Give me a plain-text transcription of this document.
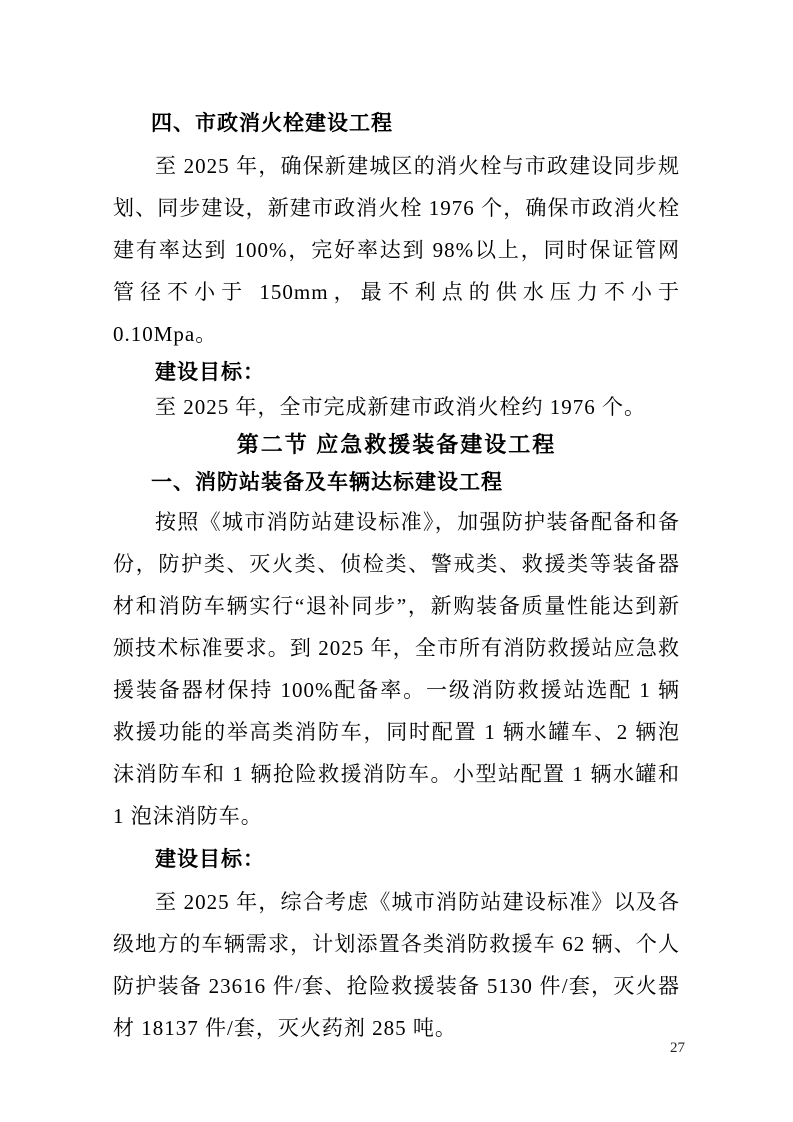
四、市政消火栓建设工程

至 2025 年，确保新建城区的消火栓与市政建设同步规划、同步建设，新建市政消火栓 1976 个，确保市政消火栓建有率达到 100%，完好率达到 98%以上，同时保证管网管径不小于 150mm，最不利点的供水压力不小于 0.10Mpa。

建设目标：

至 2025 年，全市完成新建市政消火栓约 1976 个。

第二节 应急救援装备建设工程
一、消防站装备及车辆达标建设工程

按照《城市消防站建设标准》，加强防护装备配备和备份，防护类、灭火类、侦检类、警戒类、救援类等装备器材和消防车辆实行“退补同步”，新购装备质量性能达到新颁技术标准要求。到 2025 年，全市所有消防救援站应急救援装备器材保持 100%配备率。一级消防救援站选配 1 辆救援功能的举高类消防车，同时配置 1 辆水罐车、2 辆泡沫消防车和 1 辆抢险救援消防车。小型站配置 1 辆水罐和 1 泡沫消防车。

建设目标：

至 2025 年，综合考虑《城市消防站建设标准》以及各级地方的车辆需求，计划添置各类消防救援车 62 辆、个人防护装备 23616 件/套、抢险救援装备 5130 件/套，灭火器材 18137 件/套，灭火药剂 285 吨。

27
